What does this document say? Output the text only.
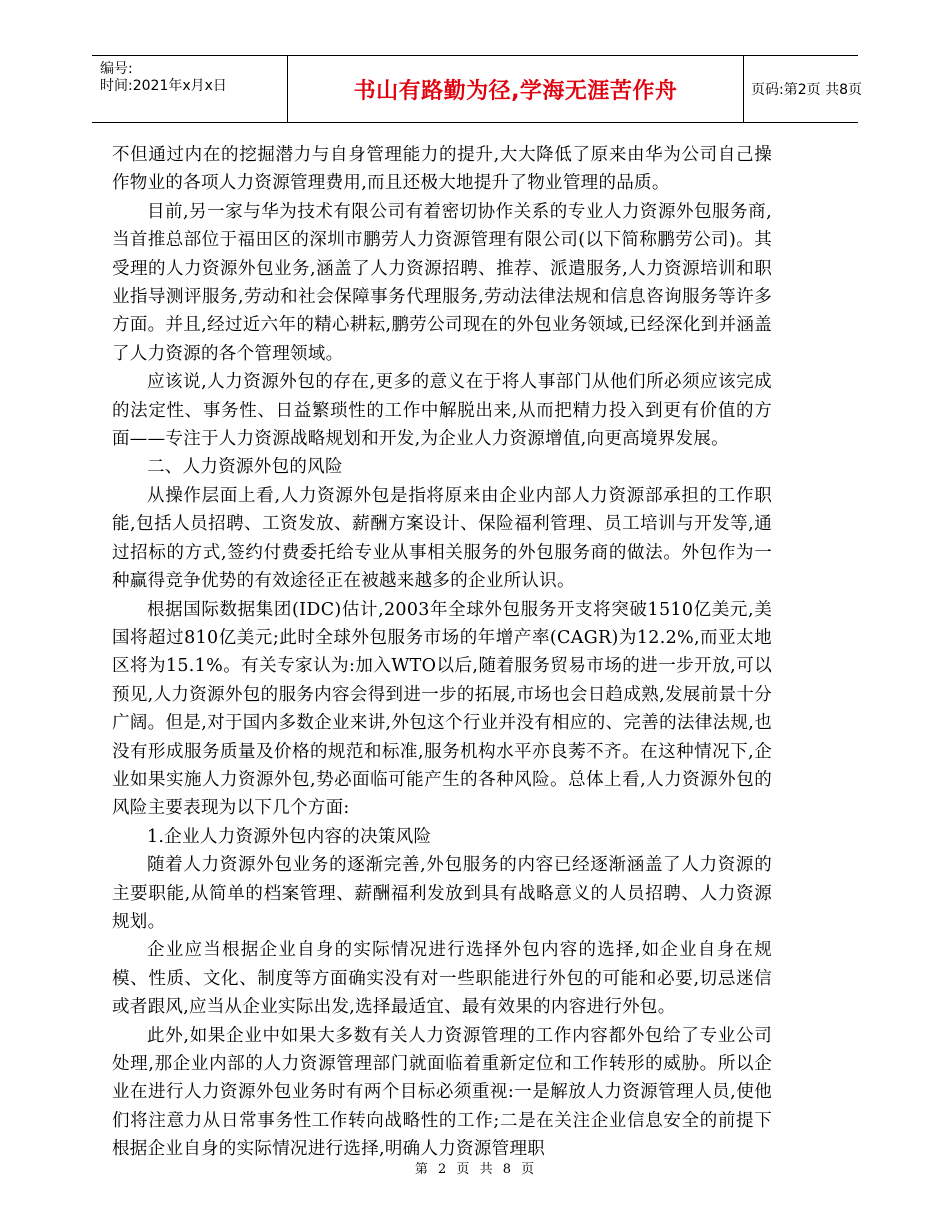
编号:
时间:2021年x月x日	书山有路勤为径,学海无涯苦作舟	页码:第2页 共8页

不但通过内在的挖掘潜力与自身管理能力的提升,大大降低了原来由华为公司自己操作物业的各项人力资源管理费用,而且还极大地提升了物业管理的品质。

目前,另一家与华为技术有限公司有着密切协作关系的专业人力资源外包服务商,当首推总部位于福田区的深圳市鹏劳人力资源管理有限公司(以下简称鹏劳公司)。其受理的人力资源外包业务,涵盖了人力资源招聘、推荐、派遣服务,人力资源培训和职业指导测评服务,劳动和社会保障事务代理服务,劳动法律法规和信息咨询服务等许多方面。并且,经过近六年的精心耕耘,鹏劳公司现在的外包业务领域,已经深化到并涵盖了人力资源的各个管理领域。

应该说,人力资源外包的存在,更多的意义在于将人事部门从他们所必须应该完成的法定性、事务性、日益繁琐性的工作中解脱出来,从而把精力投入到更有价值的方面——专注于人力资源战略规划和开发,为企业人力资源增值,向更高境界发展。

二、人力资源外包的风险

从操作层面上看,人力资源外包是指将原来由企业内部人力资源部承担的工作职能,包括人员招聘、工资发放、薪酬方案设计、保险福利管理、员工培训与开发等,通过招标的方式,签约付费委托给专业从事相关服务的外包服务商的做法。外包作为一种赢得竞争优势的有效途径正在被越来越多的企业所认识。

根据国际数据集团(IDC)估计,2003年全球外包服务开支将突破1510亿美元,美国将超过810亿美元;此时全球外包服务市场的年增产率(CAGR)为12.2%,而亚太地区将为15.1%。有关专家认为:加入WTO以后,随着服务贸易市场的进一步开放,可以预见,人力资源外包的服务内容会得到进一步的拓展,市场也会日趋成熟,发展前景十分广阔。但是,对于国内多数企业来讲,外包这个行业并没有相应的、完善的法律法规,也没有形成服务质量及价格的规范和标准,服务机构水平亦良莠不齐。在这种情况下,企业如果实施人力资源外包,势必面临可能产生的各种风险。总体上看,人力资源外包的风险主要表现为以下几个方面:

1.企业人力资源外包内容的决策风险

随着人力资源外包业务的逐渐完善,外包服务的内容已经逐渐涵盖了人力资源的主要职能,从简单的档案管理、薪酬福利发放到具有战略意义的人员招聘、人力资源规划。

企业应当根据企业自身的实际情况进行选择外包内容的选择,如企业自身在规模、性质、文化、制度等方面确实没有对一些职能进行外包的可能和必要,切忌迷信或者跟风,应当从企业实际出发,选择最适宜、最有效果的内容进行外包。

此外,如果企业中如果大多数有关人力资源管理的工作内容都外包给了专业公司处理,那企业内部的人力资源管理部门就面临着重新定位和工作转形的威胁。所以企业在进行人力资源外包业务时有两个目标必须重视:一是解放人力资源管理人员,使他们将注意力从日常事务性工作转向战略性的工作;二是在关注企业信息安全的前提下根据企业自身的实际情况进行选择,明确人力资源管理职

第 2 页 共 8 页
